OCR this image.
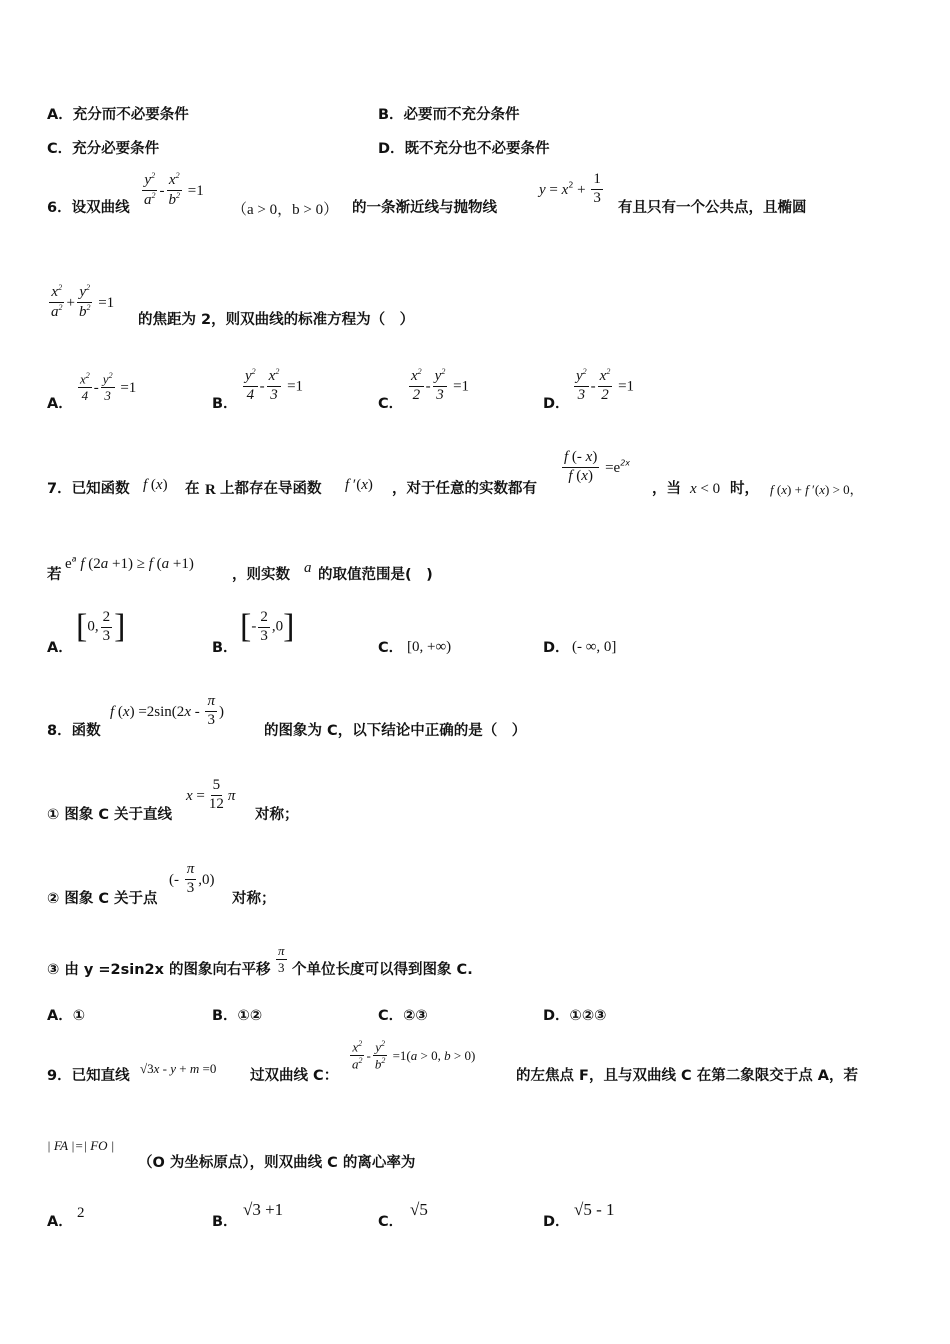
A．充分而不必要条件	B．必要而不充分条件
C．充分必要条件	D．既不充分也不必要条件
6．设双曲线 $\frac{y^2}{a^2} - \frac{x^2}{b^2} =1$
（a > 0，b > 0） 的一条渐近线与抛物线
$y = x^2 + \frac{1}{3}$
有且只有一个公共点，且椭圆
$\frac{x^2}{a^2} + \frac{y^2}{b^2} =1$
的焦距为 2，则双曲线的标准方程为（　）
A．
$\frac{x^2}{4} - \frac{y^2}{3} =1$
B．
$\frac{y^2}{4} - \frac{x^2}{3} =1$
C．
$\frac{x^2}{2} - \frac{y^2}{3} =1$
D．
$\frac{y^2}{3} - \frac{x^2}{2} =1$
7．已知函数 f (x) 在 R 上都存在导函数 f ′(x) ，对于任意的实数都有
$\frac{f (- x)}{f (x)} =e^{2x}$
，当 x < 0 时， f (x) + f ′(x) > 0，
若
$e^a$ f (2a +1) ≥ f (a +1)
，则实数 a 的取值范围是(　)
A．
[0, $\frac{2}{3}$ ]
B．
[- $\frac{2}{3} ,0$]
C． [0, +∞)	D． (- ∞, 0]
8．函数
f $(x) =2\sin(2x - \frac{\pi}{3}$ )
的图象为 C，以下结论中正确的是（　）
① 图象 C 关于直线
$x = \frac{5}{12}$ π
对称；
② 图象 C 关于点
(- $\frac{\pi}{3} ,0$)
对称；
③ 由 y =2sin2x 的图象向右平移 $\frac{\pi}{3}$ 个单位长度可以得到图象 C.
A．①	B．①②	C．②③	D．①②③
9．已知直线 √3x - y + m =0 过双曲线 C：
$\frac{x^2}{a^2} - \frac{y^2}{b^2} =1(a > 0$, b > 0)
的左焦点 F，且与双曲线 C 在第二象限交于点 A，若
| FA |=| FO |
（O 为坐标原点），则双曲线 C 的离心率为
A．
2
B．
√3 +1
C．
√5
D．
√5 - 1
